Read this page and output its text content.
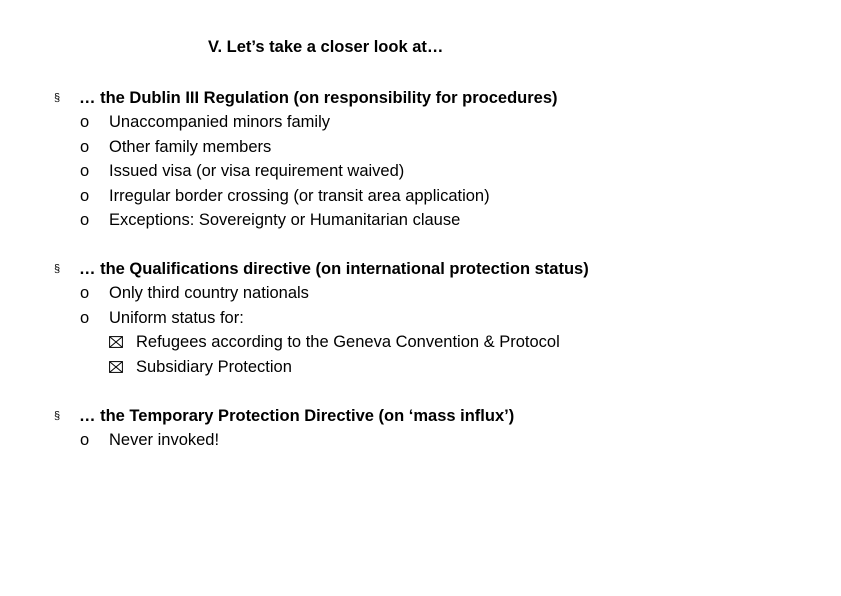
V. Let’s take a closer look at…
§ … the Dublin III Regulation (on responsibility for procedures)
o Unaccompanied minors family
o Other family members
o Issued visa (or visa requirement waived)
o Irregular border crossing (or transit area application)
o Exceptions: Sovereignty or Humanitarian clause
§ … the Qualifications directive (on international protection status)
o Only third country nationals
o Uniform status for:
Refugees according to the Geneva Convention & Protocol
Subsidiary Protection
§ … the Temporary Protection Directive (on ‘mass influx’)
o Never invoked!
